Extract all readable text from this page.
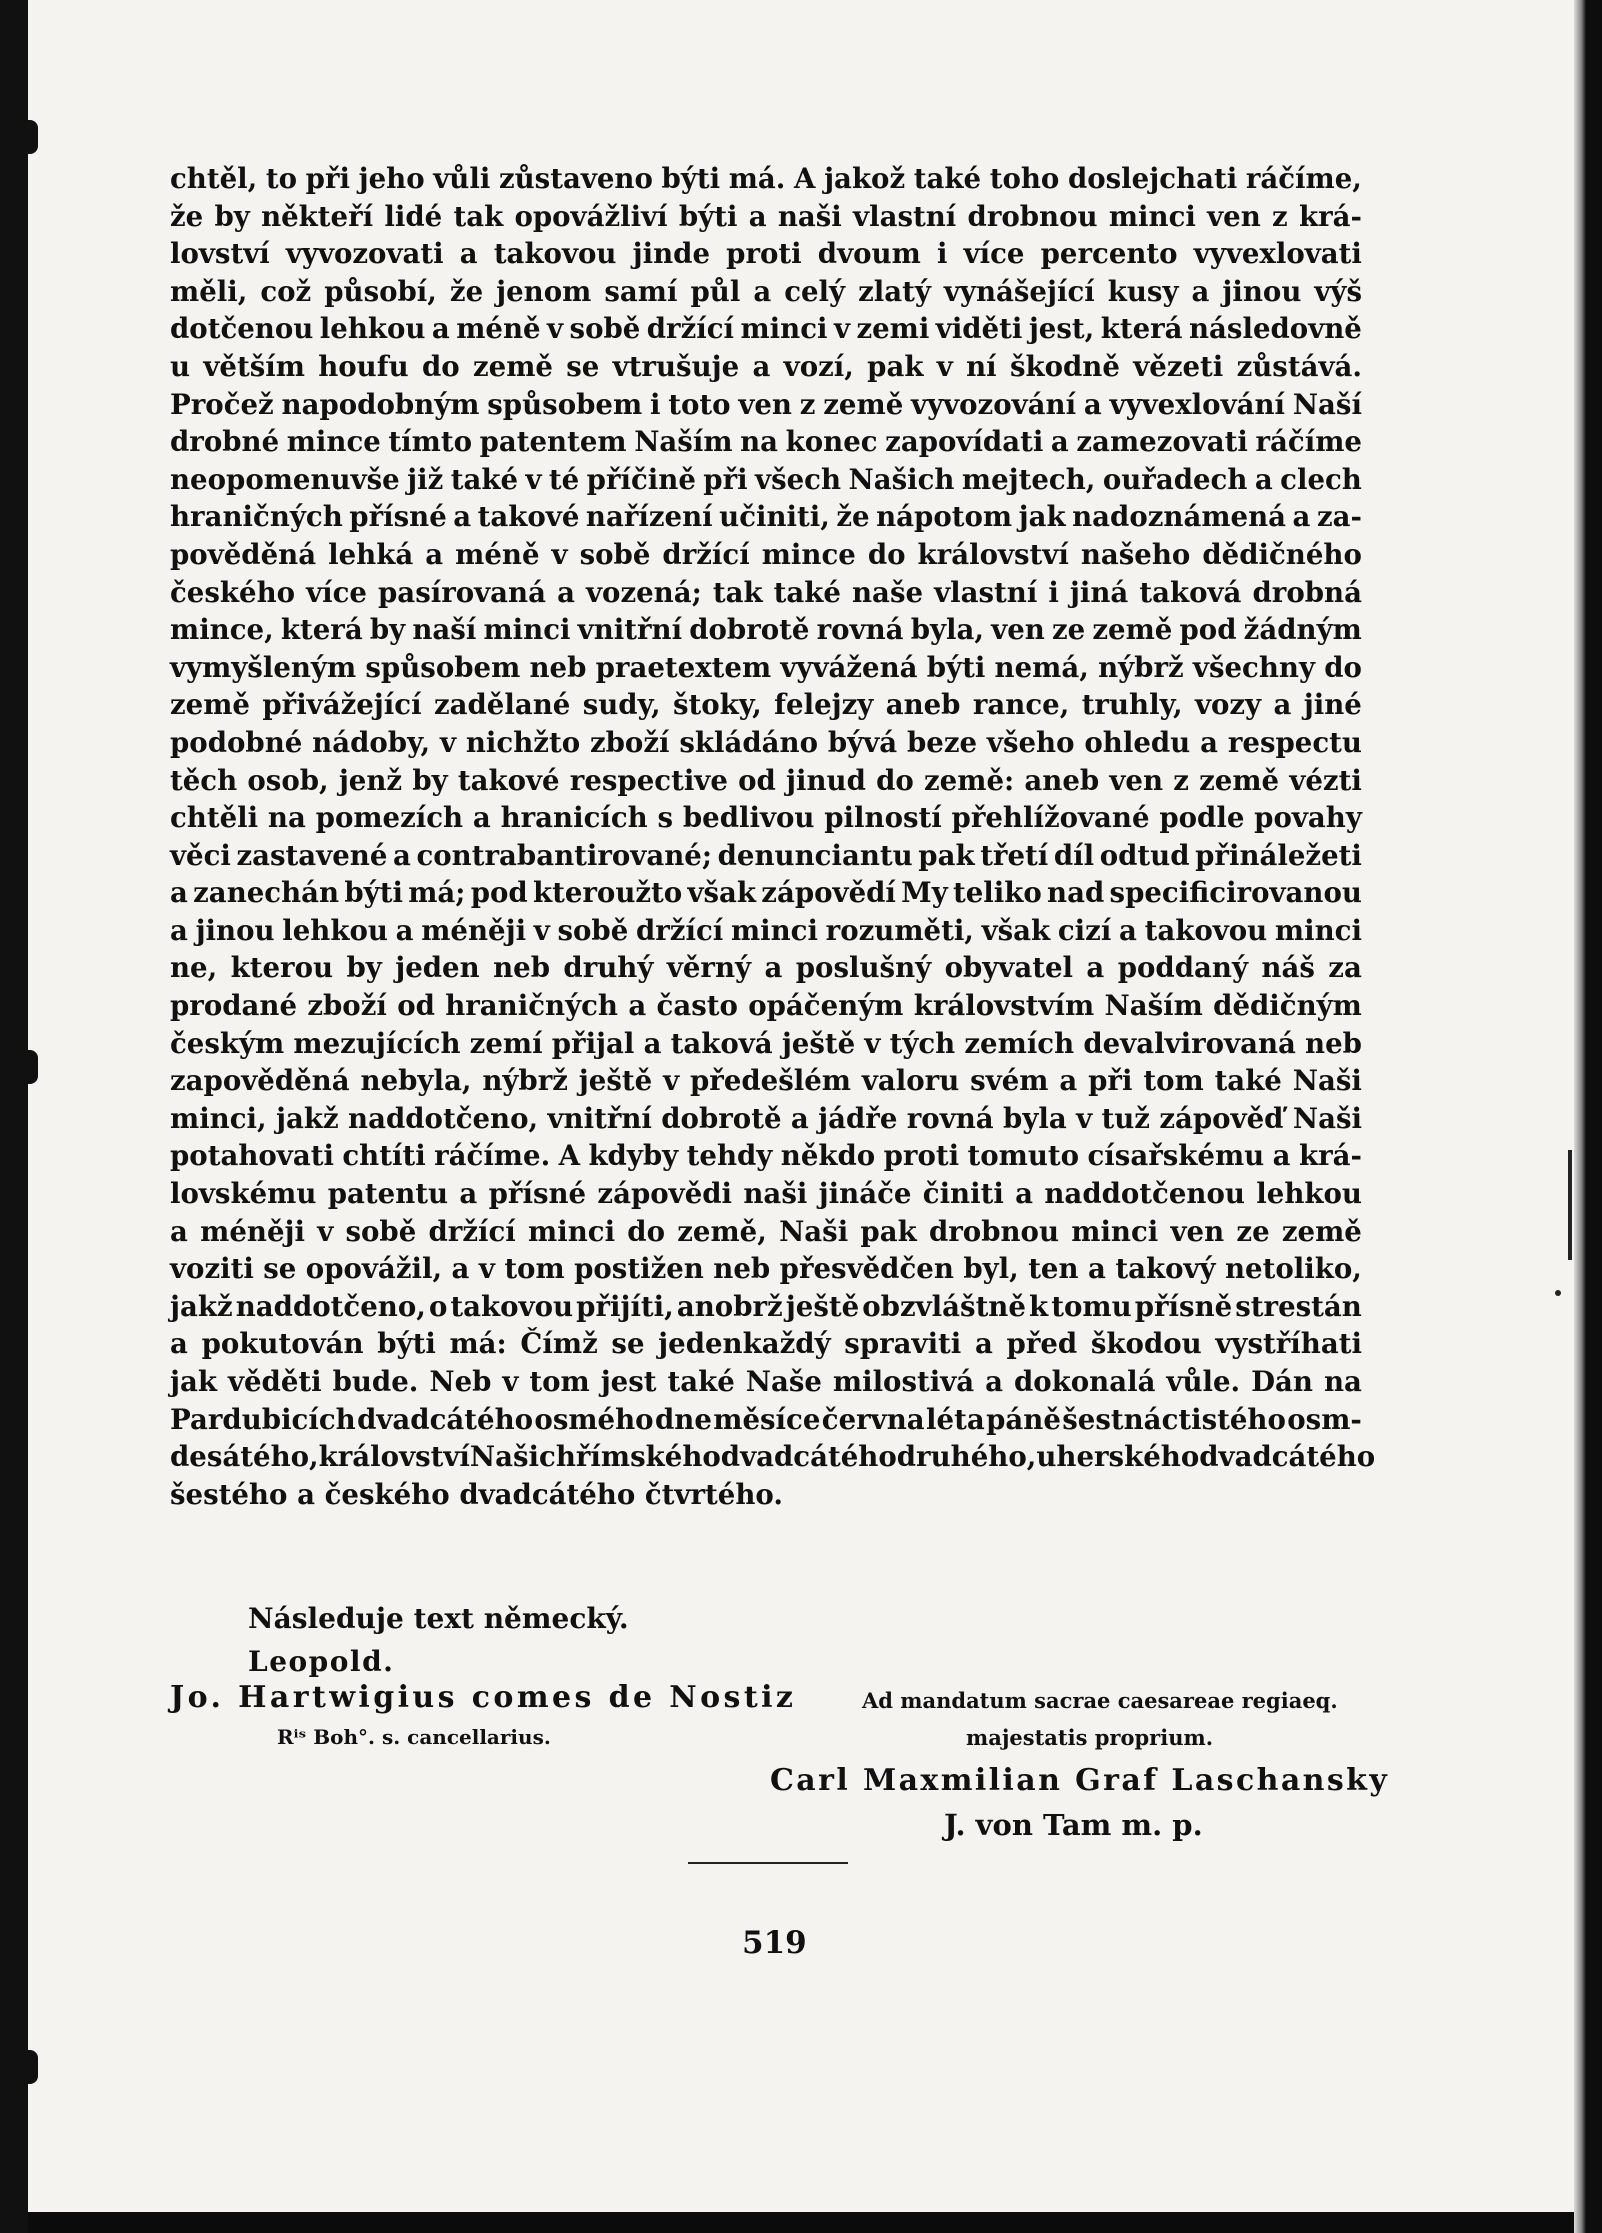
chtěl, to při jeho vůli zůstaveno býti má. A jakož také toho doslejchati ráčíme,
že by někteří lidé tak opovážliví býti a naši vlastní drobnou minci ven z krá-
lovství vyvozovati a takovou jinde proti dvoum i více percento vyvexlovati
měli, což působí, že jenom samí půl a celý zlatý vynášející kusy a jinou výš
dotčenou lehkou a méně v sobě držící minci v zemi viděti jest, která následovně
u větším houfu do země se vtrušuje a vozí, pak v ní škodně vězeti zůstává.
Pročež napodobným spůsobem i toto ven z země vyvozování a vyvexlování Naší
drobné mince tímto patentem Naším na konec zapovídati a zamezovati ráčíme
neopomenuvše již také v té příčině při všech Našich mejtech, ouřadech a clech
hraničných přísné a takové nařízení učiniti, že nápotom jak nadoznámená a za-
pověděná lehká a méně v sobě držící mince do království našeho dědičného
českého více pasírovaná a vozená; tak také naše vlastní i jiná taková drobná
mince, která by naší minci vnitřní dobrotě rovná byla, ven ze země pod žádným
vymyšleným spůsobem neb praetextem vyvážená býti nemá, nýbrž všechny do
země přivážející zadělané sudy, štoky, felejzy aneb rance, truhly, vozy a jiné
podobné nádoby, v nichžto zboží skládáno bývá beze všeho ohledu a respectu
těch osob, jenž by takové respective od jinud do země: aneb ven z země vézti
chtěli na pomezích a hranicích s bedlivou pilností přehlížované podle povahy
věci zastavené a contrabantirované; denunciantu pak třetí díl odtud přináležeti
a zanechán býti má; pod kteroužto však zápovědí My teliko nad specificirovanou
a jinou lehkou a méněji v sobě držící minci rozuměti, však cizí a takovou minci
ne, kterou by jeden neb druhý věrný a poslušný obyvatel a poddaný náš za
prodané zboží od hraničných a často opáčeným královstvím Naším dědičným
českým mezujících zemí přijal a taková ještě v tých zemích devalvirovaná neb
zapověděná nebyla, nýbrž ještě v předešlém valoru svém a při tom také Naši
minci, jakž naddotčeno, vnitřní dobrotě a jádře rovná byla v tuž zápověď Naši
potahovati chtíti ráčíme. A kdyby tehdy někdo proti tomuto císařskému a krá-
lovskému patentu a přísné zápovědi naši jináče činiti a naddotčenou lehkou
a méněji v sobě držící minci do země, Naši pak drobnou minci ven ze země
voziti se opovážil, a v tom postižen neb přesvědčen byl, ten a takový netoliko,
jakž naddotčeno, o takovou přijíti, anobrž ještě obzvláštně k tomu přísně strestán
a pokutován býti má: Čímž se jedenkaždý spraviti a před škodou vystříhati
jak věděti bude. Neb v tom jest také Naše milostivá a dokonalá vůle. Dán na
Pardubicích dvadcátého osmého dne měsíce června léta páně šestnáctistého osm-
desátého, království Našich římského dvadcátého druhého, uherského dvadcátého
šestého a českého dvadcátého čtvrtého.
Následuje text německý.
Leopold.
Jo. Hartwigius comes de Nostiz
Rⁱˢ Boh°. s. cancellarius.
Ad mandatum sacrae caesareae regiaeq.
majestatis proprium.
Carl Maxmilian Graf Laschansky
J. von Tam m. p.
519
